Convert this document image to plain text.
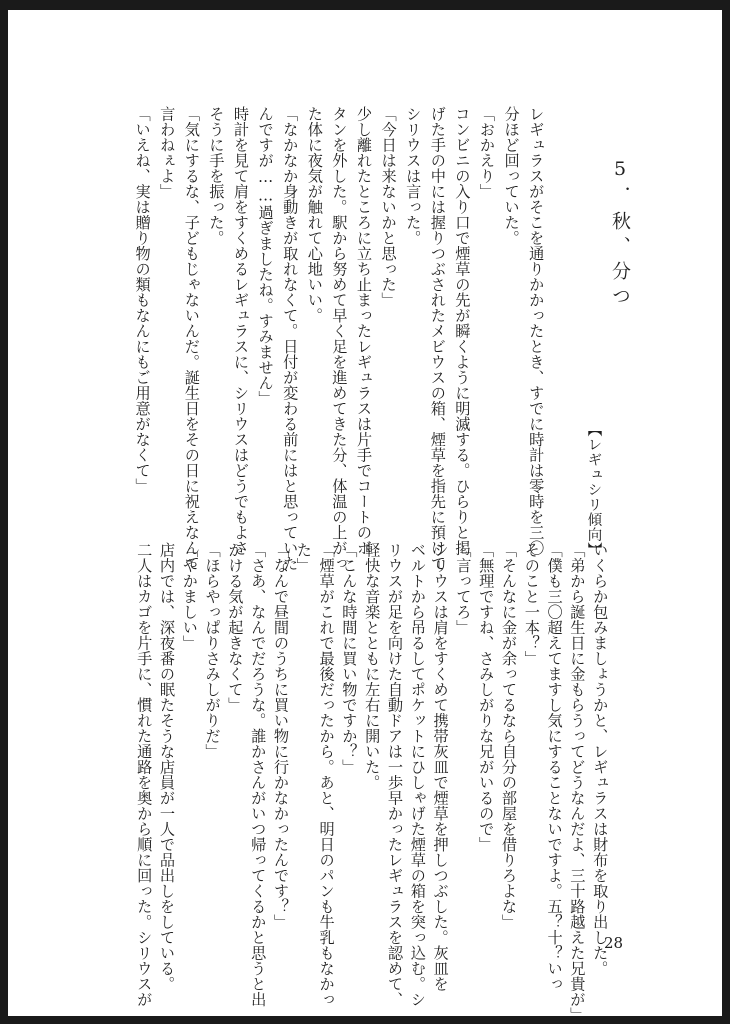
5．秋、分つ
【レギュシリ傾向】
レギュラスがそこを通りかかったとき、すでに時計は零時を三〇
分ほど回っていた。
「おかえり」
コンビニの入り口で煙草の先が瞬くように明滅する。ひらりと掲
げた手の中には握りつぶされたメビウスの箱、煙草を指先に預けて
シリウスは言った。
「今日は来ないかと思った」
少し離れたところに立ち止まったレギュラスは片手でコートのボ
タンを外した。駅から努めて早く足を進めてきた分、体温の上がっ
た体に夜気が触れて心地いい。
「なかなか身動きが取れなくて。日付が変わる前にはと思っていた
んですが……過ぎましたね。すみません」
時計を見て肩をすくめるレギュラスに、シリウスはどうでもよさ
そうに手を振った。
「気にするな、子どもじゃないんだ。誕生日をその日に祝えなんて
言わねぇよ」
「いえね、実は贈り物の類もなんにもご用意がなくて」
いくらか包みましょうかと、レギュラスは財布を取り出した。
「弟から誕生日に金もらうってどうなんだよ、三十路越えた兄貴が」
「僕も三〇超えてますし気にすることないですよ。五？十？いっ
そのこと一本？」
「そんなに金が余ってるなら自分の部屋を借りろよな」
「無理ですね、さみしがりな兄がいるので」
「言ってろ」
シリウスは肩をすくめて携帯灰皿で煙草を押しつぶした。灰皿を
ベルトから吊るしてポケットにひしゃげた煙草の箱を突っ込む。シ
リウスが足を向けた自動ドアは一歩早かったレギュラスを認めて、
軽快な音楽とともに左右に開いた。
「こんな時間に買い物ですか？」
「煙草がこれで最後だったから。あと、明日のパンも牛乳もなかっ
た」
「なんで昼間のうちに買い物に行かなかったんです？」
「さあ、なんでだろうな。誰かさんがいつ帰ってくるかと思うと出
かける気が起きなくて」
「ほらやっぱりさみしがりだ」
「やかましい」
店内では、深夜番の眠たそうな店員が一人で品出しをしている。
二人はカゴを片手に、慣れた通路を奥から順に回った。シリウスが	28
